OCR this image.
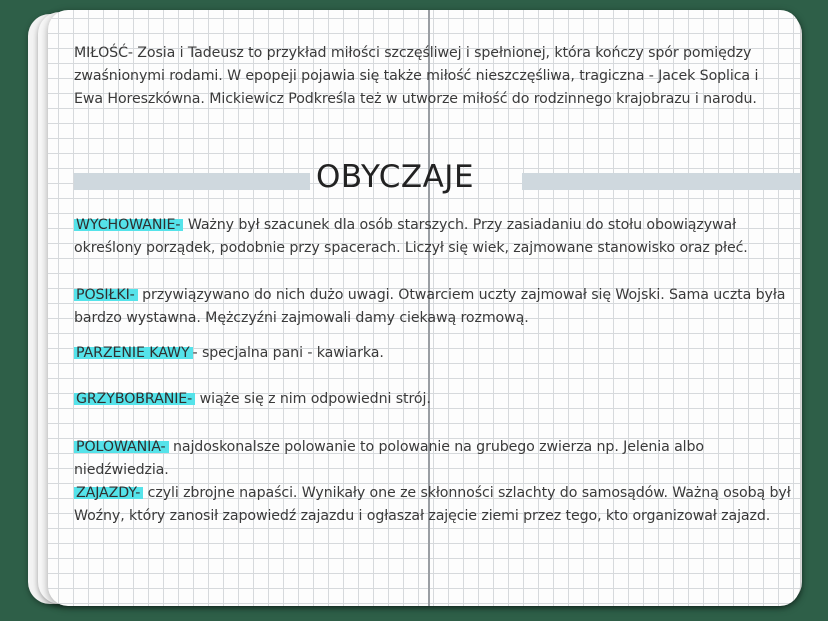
MIŁOŚĆ- Zosia i Tadeusz to przykład miłości szczęśliwej i spełnionej, która kończy spór pomiędzy

zwaśnionymi rodami. W epopeji pojawia się także miłość nieszczęśliwa, tragiczna - Jacek Soplica i

Ewa Horeszkówna. Mickiewicz Podkreśla też w utworze miłość do rodzinnego krajobrazu i narodu.

OBYCZAJE

WYCHOWANIE- Ważny był szacunek dla osób starszych. Przy zasiadaniu do stołu obowiązywał

określony porządek, podobnie przy spacerach. Liczył się wiek, zajmowane stanowisko oraz płeć.

POSIŁKI- przywiązywano do nich dużo uwagi. Otwarciem uczty zajmował się Wojski. Sama uczta była

bardzo wystawna. Mężczyźni zajmowali damy ciekawą rozmową.

PARZENIE KAWY - specjalna pani - kawiarka.

GRZYBOBRANIE- wiąże się z nim odpowiedni strój.

POLOWANIA- najdoskonalsze polowanie to polowanie na grubego zwierza np. Jelenia albo niedźwiedzia.

ZAJAZDY- czyli zbrojne napaści. Wynikały one ze skłonności szlachty do samosądów. Ważną osobą był

Woźny, który zanosił zapowiedź zajazdu i ogłaszał zajęcie ziemi przez tego, kto organizował zajazd.
